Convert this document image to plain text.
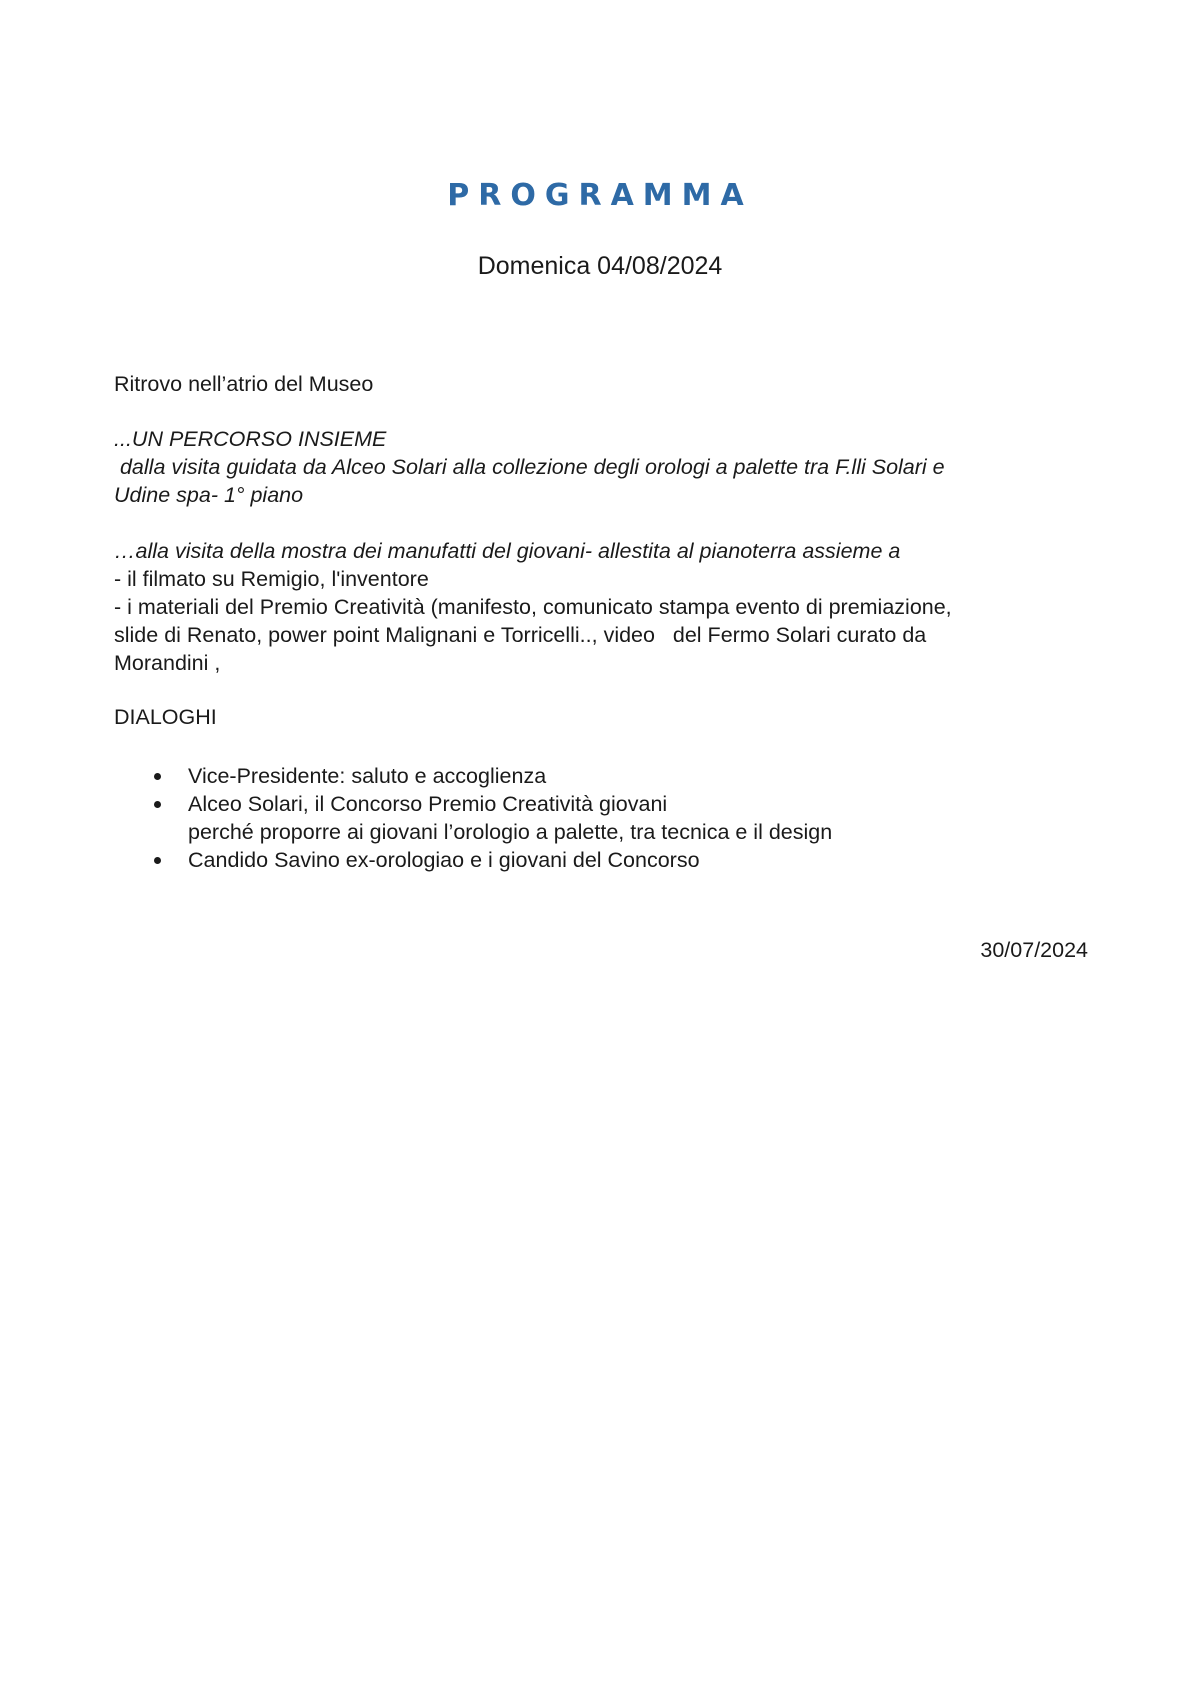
PROGRAMMA
Domenica 04/08/2024
Ritrovo nell’atrio del Museo
...UN PERCORSO INSIEME
dalla visita guidata da Alceo Solari alla collezione degli orologi a palette tra F.lli Solari e
Udine spa- 1° piano
…alla visita della mostra dei manufatti del giovani- allestita al pianoterra assieme a
- il filmato su Remigio, l'inventore
- i materiali del Premio Creatività (manifesto, comunicato stampa evento di premiazione,
slide di Renato, power point Malignani e Torricelli.., video   del Fermo Solari curato da
Morandini ,
DIALOGHI
Vice-Presidente: saluto e accoglienza
Alceo Solari, il Concorso Premio Creatività giovani
perché proporre ai giovani l’orologio a palette, tra tecnica e il design
Candido Savino ex-orologiao e i giovani del Concorso
30/07/2024
